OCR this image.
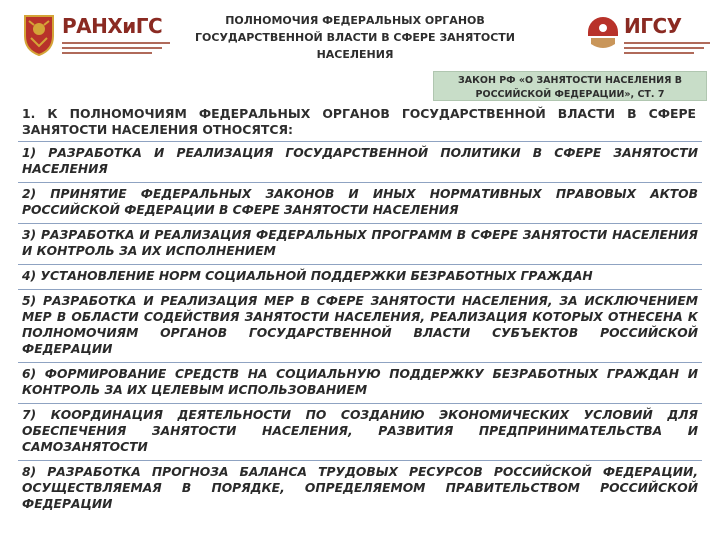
РАНХиГС	ПОЛНОМОЧИЯ ФЕДЕРАЛЬНЫХ ОРГАНОВ ГОСУДАРСТВЕННОЙ ВЛАСТИ В СФЕРЕ ЗАНЯТОСТИ НАСЕЛЕНИЯ
ИГСУ
ЗАКОН РФ «О ЗАНЯТОСТИ НАСЕЛЕНИЯ В РОССИЙСКОЙ ФЕДЕРАЦИИ», СТ. 7
1. К ПОЛНОМОЧИЯМ ФЕДЕРАЛЬНЫХ ОРГАНОВ ГОСУДАРСТВЕННОЙ ВЛАСТИ В СФЕРЕ ЗАНЯТОСТИ НАСЕЛЕНИЯ ОТНОСЯТСЯ:
1) РАЗРАБОТКА И РЕАЛИЗАЦИЯ ГОСУДАРСТВЕННОЙ ПОЛИТИКИ В СФЕРЕ ЗАНЯТОСТИ НАСЕЛЕНИЯ
2) ПРИНЯТИЕ ФЕДЕРАЛЬНЫХ ЗАКОНОВ И ИНЫХ НОРМАТИВНЫХ ПРАВОВЫХ АКТОВ РОССИЙСКОЙ ФЕДЕРАЦИИ В СФЕРЕ ЗАНЯТОСТИ НАСЕЛЕНИЯ
3) РАЗРАБОТКА И РЕАЛИЗАЦИЯ ФЕДЕРАЛЬНЫХ ПРОГРАММ В СФЕРЕ ЗАНЯТОСТИ НАСЕЛЕНИЯ И КОНТРОЛЬ ЗА ИХ ИСПОЛНЕНИЕМ
4) УСТАНОВЛЕНИЕ НОРМ СОЦИАЛЬНОЙ ПОДДЕРЖКИ БЕЗРАБОТНЫХ ГРАЖДАН
5) РАЗРАБОТКА И РЕАЛИЗАЦИЯ МЕР В СФЕРЕ ЗАНЯТОСТИ НАСЕЛЕНИЯ, ЗА ИСКЛЮЧЕНИЕМ МЕР В ОБЛАСТИ СОДЕЙСТВИЯ ЗАНЯТОСТИ НАСЕЛЕНИЯ, РЕАЛИЗАЦИЯ КОТОРЫХ ОТНЕСЕНА К ПОЛНОМОЧИЯМ ОРГАНОВ ГОСУДАРСТВЕННОЙ ВЛАСТИ СУБЪЕКТОВ РОССИЙСКОЙ ФЕДЕРАЦИИ
6) ФОРМИРОВАНИЕ СРЕДСТВ НА СОЦИАЛЬНУЮ ПОДДЕРЖКУ БЕЗРАБОТНЫХ ГРАЖДАН И КОНТРОЛЬ ЗА ИХ ЦЕЛЕВЫМ ИСПОЛЬЗОВАНИЕМ
7) КООРДИНАЦИЯ ДЕЯТЕЛЬНОСТИ ПО СОЗДАНИЮ ЭКОНОМИЧЕСКИХ УСЛОВИЙ ДЛЯ ОБЕСПЕЧЕНИЯ ЗАНЯТОСТИ НАСЕЛЕНИЯ, РАЗВИТИЯ ПРЕДПРИНИМАТЕЛЬСТВА И САМОЗАНЯТОСТИ
8) РАЗРАБОТКА ПРОГНОЗА БАЛАНСА ТРУДОВЫХ РЕСУРСОВ РОССИЙСКОЙ ФЕДЕРАЦИИ, ОСУЩЕСТВЛЯЕМАЯ В ПОРЯДКЕ, ОПРЕДЕЛЯЕМОМ ПРАВИТЕЛЬСТВОМ РОССИЙСКОЙ ФЕДЕРАЦИИ
